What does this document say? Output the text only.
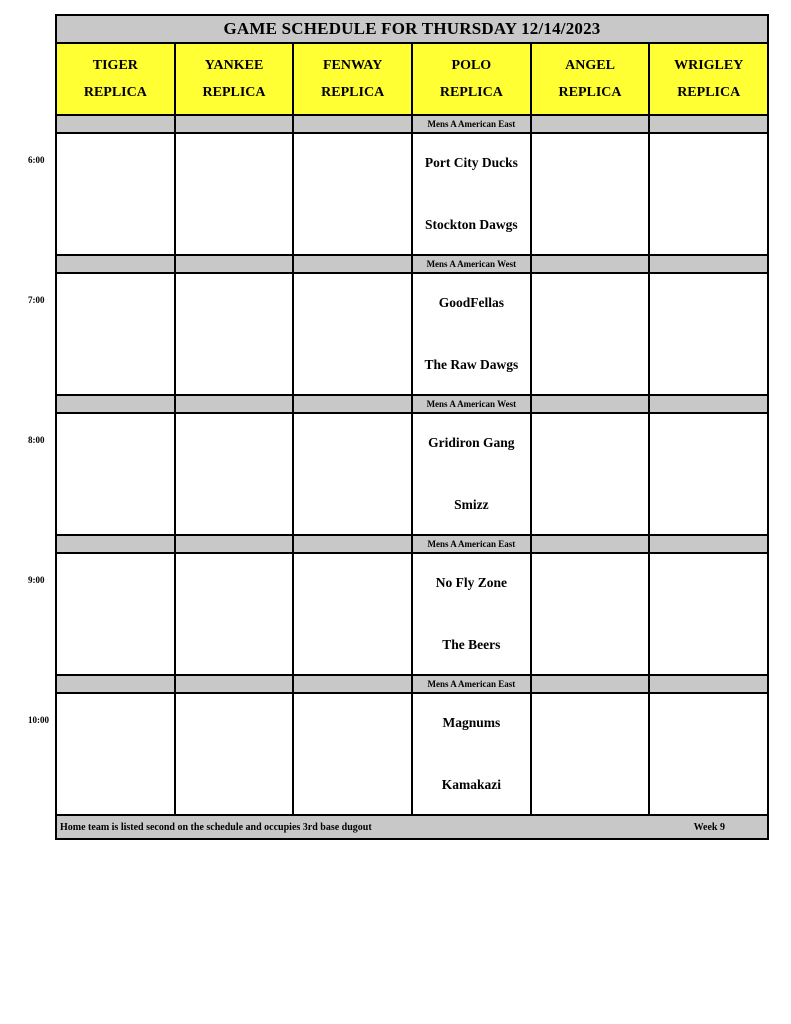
GAME SCHEDULE FOR THURSDAY 12/14/2023
TIGER
REPLICA
YANKEE
REPLICA
FENWAY
REPLICA
POLO
REPLICA
ANGEL
REPLICA
WRIGLEY
REPLICA
Mens A American East
Port City Ducks
Stockton Dawgs
Mens A American West
GoodFellas
The Raw Dawgs
Mens A American West
Gridiron Gang
Smizz
Mens A American East
No Fly Zone
The Beers
Mens A American East
Magnums
Kamakazi
Home team is listed second on the schedule and occupies 3rd base dugout	Week 9
6:00
7:00
8:00
9:00
10:00
